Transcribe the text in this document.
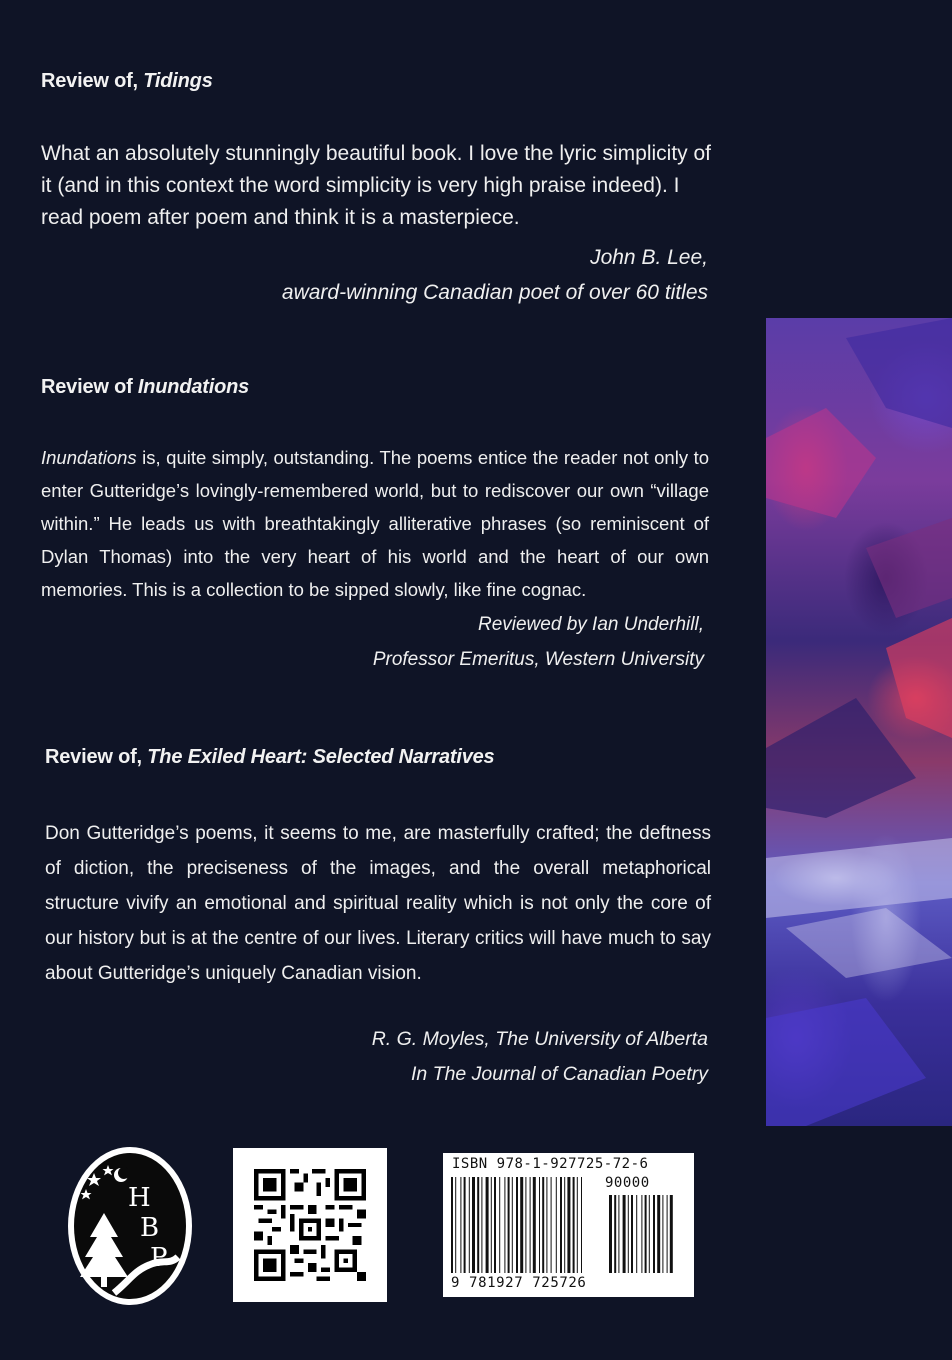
Review of, Tidings

What an absolutely stunningly beautiful book. I love the lyric simplicity of it (and in this context the word simplicity is very high praise indeed). I read poem after poem and think it is a masterpiece.

John B. Lee,
award-winning Canadian poet of over 60 titles
Review of Inundations

Inundations is, quite simply, outstanding. The poems entice the reader not only to enter Gutteridge’s lovingly-remembered world, but to rediscover our own “village within.” He leads us with breathtakingly alliterative phrases (so reminiscent of Dylan Thomas) into the very heart of his world and the heart of our own memories. This is a collection to be sipped slowly, like fine cognac.

Reviewed by Ian Underhill,
Professor Emeritus, Western University
Review of, The Exiled Heart: Selected Narratives

Don Gutteridge’s poems, it seems to me, are masterfully crafted; the deftness of diction, the preciseness of the images, and the overall metaphorical structure vivify an emotional and spiritual reality which is not only the core of our history but is at the centre of our lives. Literary critics will have much to say about Gutteridge’s uniquely Canadian vision.

R. G. Moyles, The University of Alberta
In The Journal of Canadian Poetry
H
B
P
ISBN 978-1-927725-72-6
90000
9 781927 725726
